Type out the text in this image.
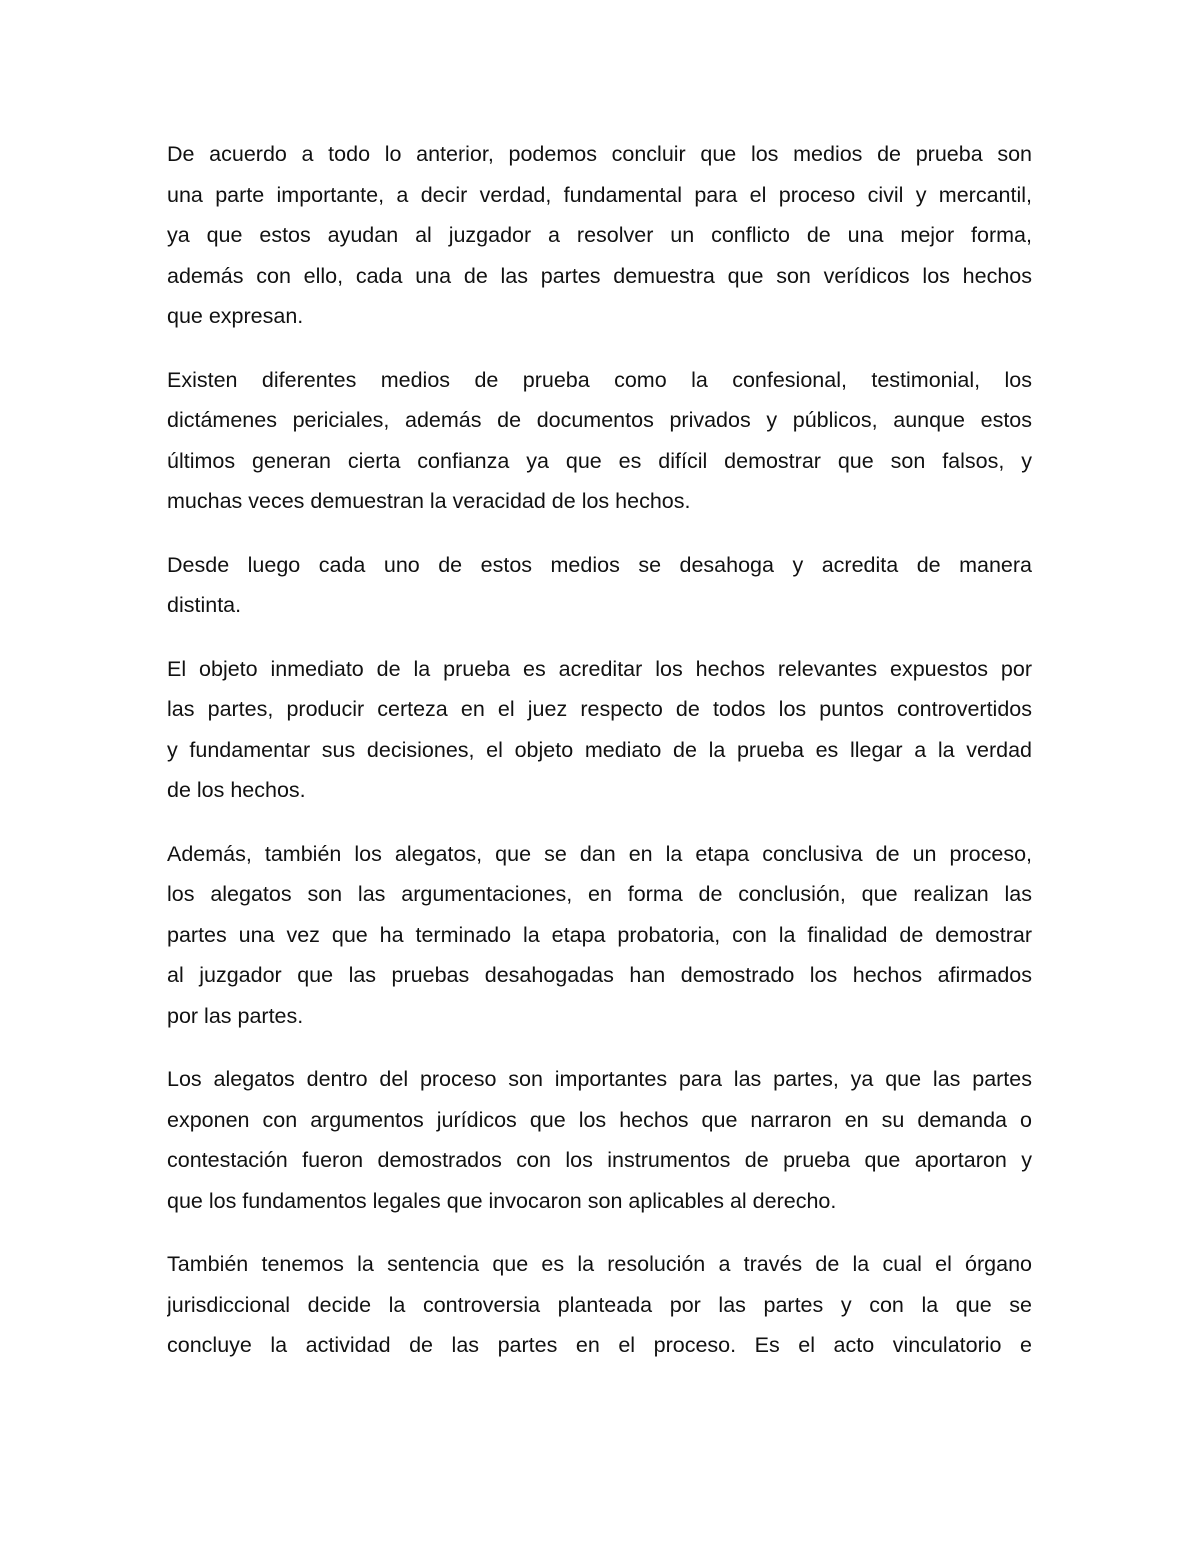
De acuerdo a todo lo anterior, podemos concluir que los medios de prueba son
una parte importante, a decir verdad, fundamental para el proceso civil y mercantil,
ya que estos ayudan al juzgador a resolver un conflicto de una mejor forma,
además con ello, cada una de las partes demuestra que son verídicos los hechos
que expresan.
Existen diferentes medios de prueba como la confesional, testimonial, los
dictámenes periciales, además de documentos privados y públicos, aunque estos
últimos generan cierta confianza ya que es difícil demostrar que son falsos, y
muchas veces demuestran la veracidad de los hechos.
Desde luego cada uno de estos medios se desahoga y acredita de manera
distinta.
El objeto inmediato de la prueba es acreditar los hechos relevantes expuestos por
las partes, producir certeza en el juez respecto de todos los puntos controvertidos
y fundamentar sus decisiones, el objeto mediato de la prueba es llegar a la verdad
de los hechos.
Además, también los alegatos, que se dan en la etapa conclusiva de un proceso,
los alegatos son las argumentaciones, en forma de conclusión, que realizan las
partes una vez que ha terminado la etapa probatoria, con la finalidad de demostrar
al juzgador que las pruebas desahogadas han demostrado los hechos afirmados
por las partes.
Los alegatos dentro del proceso son importantes para las partes, ya que las partes
exponen con argumentos jurídicos que los hechos que narraron en su demanda o
contestación fueron demostrados con los instrumentos de prueba que aportaron y
que los fundamentos legales que invocaron son aplicables al derecho.
También tenemos la sentencia que es la resolución a través de la cual el órgano
jurisdiccional decide la controversia planteada por las partes y con la que se
concluye la actividad de las partes en el proceso. Es el acto vinculatorio e
